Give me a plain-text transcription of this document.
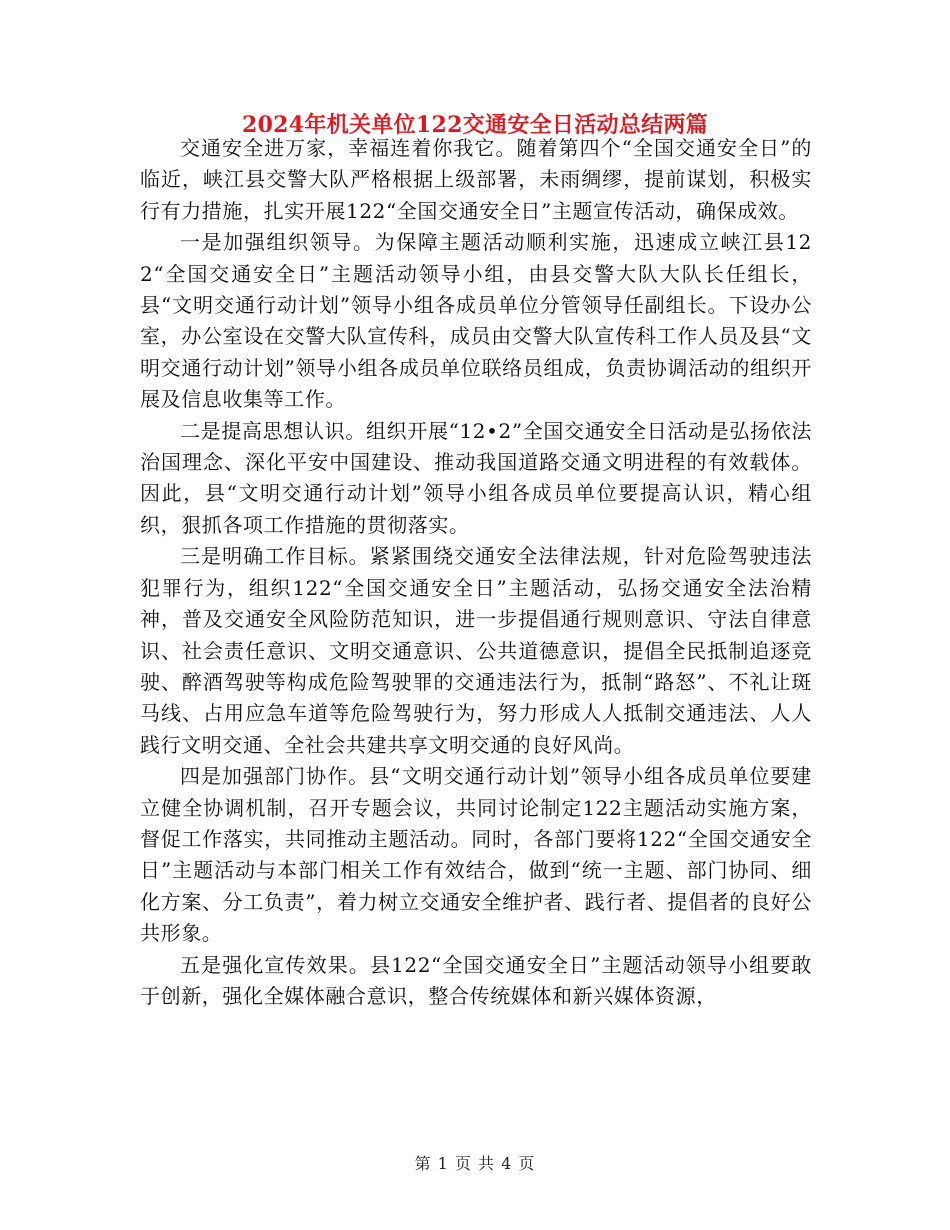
2024年机关单位122交通安全日活动总结两篇

交通安全进万家，幸福连着你我它。随着第四个“全国交通安全日”的临近，峡江县交警大队严格根据上级部署，未雨绸缪，提前谋划，积极实行有力措施，扎实开展122“全国交通安全日”主题宣传活动，确保成效。

一是加强组织领导。为保障主题活动顺利实施，迅速成立峡江县122“全国交通安全日”主题活动领导小组，由县交警大队大队长任组长，县“文明交通行动计划”领导小组各成员单位分管领导任副组长。下设办公室，办公室设在交警大队宣传科，成员由交警大队宣传科工作人员及县“文明交通行动计划”领导小组各成员单位联络员组成，负责协调活动的组织开展及信息收集等工作。

二是提高思想认识。组织开展“12•2”全国交通安全日活动是弘扬依法治国理念、深化平安中国建设、推动我国道路交通文明进程的有效载体。因此，县“文明交通行动计划”领导小组各成员单位要提高认识，精心组织，狠抓各项工作措施的贯彻落实。

三是明确工作目标。紧紧围绕交通安全法律法规，针对危险驾驶违法犯罪行为，组织122“全国交通安全日”主题活动，弘扬交通安全法治精神，普及交通安全风险防范知识，进一步提倡通行规则意识、守法自律意识、社会责任意识、文明交通意识、公共道德意识，提倡全民抵制追逐竞驶、醉酒驾驶等构成危险驾驶罪的交通违法行为，抵制“路怒”、不礼让斑马线、占用应急车道等危险驾驶行为，努力形成人人抵制交通违法、人人践行文明交通、全社会共建共享文明交通的良好风尚。

四是加强部门协作。县“文明交通行动计划”领导小组各成员单位要建立健全协调机制，召开专题会议，共同讨论制定122主题活动实施方案，督促工作落实，共同推动主题活动。同时，各部门要将122“全国交通安全日”主题活动与本部门相关工作有效结合，做到“统一主题、部门协同、细化方案、分工负责”，着力树立交通安全维护者、践行者、提倡者的良好公共形象。

五是强化宣传效果。县122“全国交通安全日”主题活动领导小组要敢于创新，强化全媒体融合意识，整合传统媒体和新兴媒体资源，

第 1 页 共 4 页
